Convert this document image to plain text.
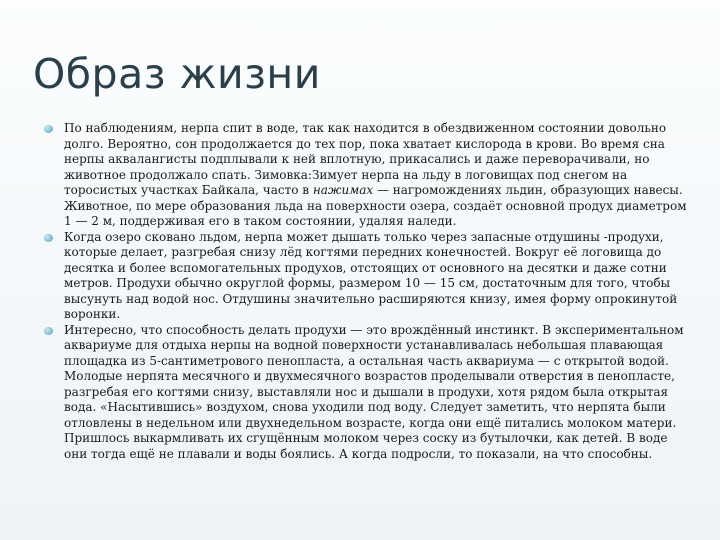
Образ жизни
По наблюдениям, нерпа спит в воде, так как находится в обездвиженном состоянии довольно долго. Вероятно, сон продолжается до тех пор, пока хватает кислорода в крови. Во время сна нерпы аквалангисты подплывали к ней вплотную, прикасались и даже переворачивали, но животное продолжало спать. Зимовка:Зимует нерпа на льду в логовищах под снегом на торосистых участках Байкала, часто в нажимах — нагромождениях льдин, образующих навесы. Животное, по мере образования льда на поверхности озера, создаёт основной продух диаметром 1 — 2 м, поддерживая его в таком состоянии, удаляя наледи.
Когда озеро сковано льдом, нерпа может дышать только через запасные отдушины -продухи, которые делает, разгребая снизу лёд когтями передних конечностей. Вокруг её логовища до десятка и более вспомогательных продухов, отстоящих от основного на десятки и даже сотни метров. Продухи обычно округлой формы, размером 10 — 15 см, достаточным для того, чтобы высунуть над водой нос. Отдушины значительно расширяются книзу, имея форму опрокинутой воронки.
Интересно, что способность делать продухи — это врождённый инстинкт. В экспериментальном аквариуме для отдыха нерпы на водной поверхности устанавливалась небольшая плавающая площадка из 5-сантиметрового пенопласта, а остальная часть аквариума — с открытой водой. Молодые нерпята месячного и двухмесячного возрастов проделывали отверстия в пенопласте, разгребая его когтями снизу, выставляли нос и дышали в продухи, хотя рядом была открытая вода. «Насытившись» воздухом, снова уходили под воду. Следует заметить, что нерпята были отловлены в недельном или двухнедельном возрасте, когда они ещё питались молоком матери. Пришлось выкармливать их сгущённым молоком через соску из бутылочки, как детей. В воде они тогда ещё не плавали и воды боялись. А когда подросли, то показали, на что способны.
